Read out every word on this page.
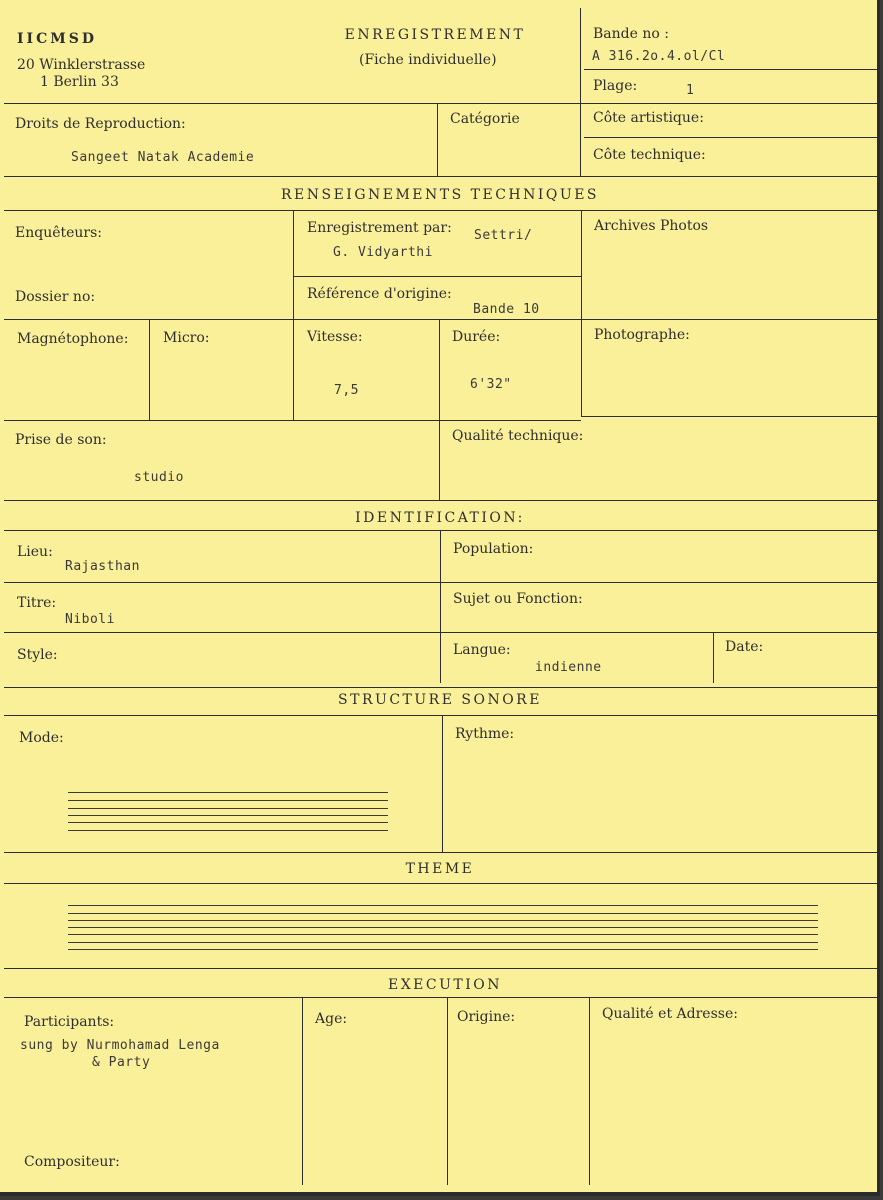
IICMSD
20 Winklerstrasse
1 Berlin 33
ENREGISTREMENT
(Fiche individuelle)
Bande no :
A 316.2o.4.ol/Cl
Plage:	1
Droits de Reproduction:
Sangeet Natak Academie
Catégorie	Côte artistique:
Côte technique:
RENSEIGNEMENTS TECHNIQUES
Enquêteurs:	Enregistrement par: Settri/
G. Vidyarthi
Archives Photos
Dossier no:	Référence d'origine:
Bande 10
Magnétophone: Micro:	Vitesse:
7,5
Durée:
6'32"
Photographe:
Prise de son:
studio
Qualité technique:
IDENTIFICATION:
Lieu:
Rajasthan
Population:
Titre:
Niboli
Sujet ou Fonction:
Style:	Langue:
indienne
Date:
STRUCTURE SONORE
Mode:	Rythme:
THEME
EXECUTION
Participants:
sung by Nurmohamad Lenga
& Party
Age:	Origine:	Qualité et Adresse:
Compositeur:
